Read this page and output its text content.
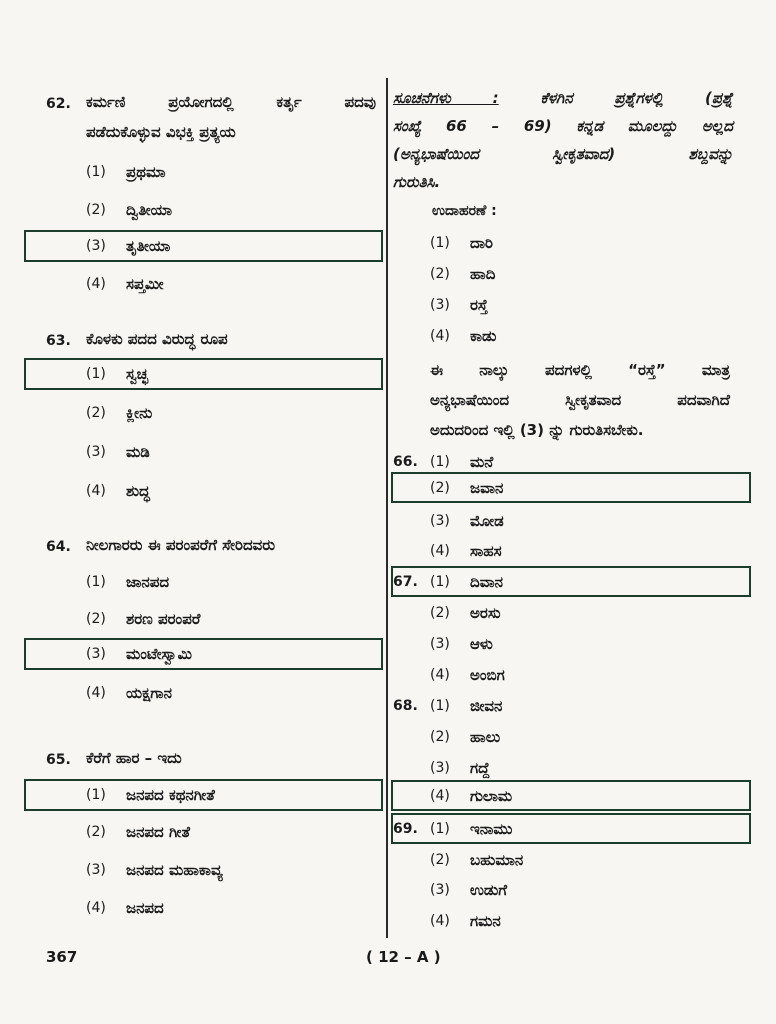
62. ಕರ್ಮಣಿ ಪ್ರಯೋಗದಲ್ಲಿ ಕರ್ತೃ ಪದವು
ಪಡೆದುಕೊಳ್ಳುವ ವಿಭಕ್ತಿ ಪ್ರತ್ಯಯ
(1)	ಪ್ರಥಮಾ
(2)	ದ್ವಿತೀಯಾ
(3)	ತೃತೀಯಾ
(4)	ಸಪ್ತಮೀ
63. ಕೊಳಕು ಪದದ ವಿರುದ್ಧ ರೂಪ
(1)	ಸ್ವಚ್ಛ
(2)	ಕ್ಲೀನು
(3)	ಮಡಿ
(4)	ಶುದ್ಧ
64. ನೀಲಗಾರರು ಈ ಪರಂಪರೆಗೆ ಸೇರಿದವರು
(1)	ಜಾನಪದ
(2)	ಶರಣ ಪರಂಪರೆ
(3)	ಮಂಟೇಸ್ವಾಮಿ
(4)	ಯಕ್ಷಗಾನ
65. ಕೆರೆಗೆ ಹಾರ – ಇದು
(1)	ಜನಪದ ಕಥನಗೀತೆ
(2)	ಜನಪದ ಗೀತೆ
(3)	ಜನಪದ ಮಹಾಕಾವ್ಯ
(4)	ಜನಪದ
ಸೂಚನೆಗಳು :	ಕೆಳಗಿನ ಪ್ರಶ್ನೆಗಳಲ್ಲಿ (ಪ್ರಶ್ನೆ
ಸಂಖ್ಯೆ 66 – 69) ಕನ್ನಡ ಮೂಲದ್ದು ಅಲ್ಲದ
(ಅನ್ಯಭಾಷೆಯಿಂದ ಸ್ವೀಕೃತವಾದ) ಶಬ್ದವನ್ನು
ಗುರುತಿಸಿ.
ಉದಾಹರಣೆ :
(1)	ದಾರಿ
(2)	ಹಾದಿ
(3)	ರಸ್ತೆ
(4)	ಕಾಡು
ಈ ನಾಲ್ಕು ಪದಗಳಲ್ಲಿ “ರಸ್ತೆ” ಮಾತ್ರ
ಅನ್ಯಭಾಷೆಯಿಂದ ಸ್ವೀಕೃತವಾದ ಪದವಾಗಿದೆ
ಅದುದರಿಂದ ಇಲ್ಲಿ (3) ನ್ನು ಗುರುತಿಸಬೇಕು.
66. (1)	ಮನೆ
(2)	ಜವಾನ
(3)	ಮೋಡ
(4)	ಸಾಹಸ
67. (1)	ದಿವಾನ
(2)	ಅರಸು
(3)	ಆಳು
(4)	ಅಂಬಿಗ
68. (1)	ಜೀವನ
(2)	ಹಾಲು
(3)	ಗದ್ದೆ
(4)	ಗುಲಾಮ
69. (1)	ಇನಾಮು
(2)	ಬಹುಮಾನ
(3)	ಉಡುಗೆ
(4)	ಗಮನ
367	( 12 – A )
